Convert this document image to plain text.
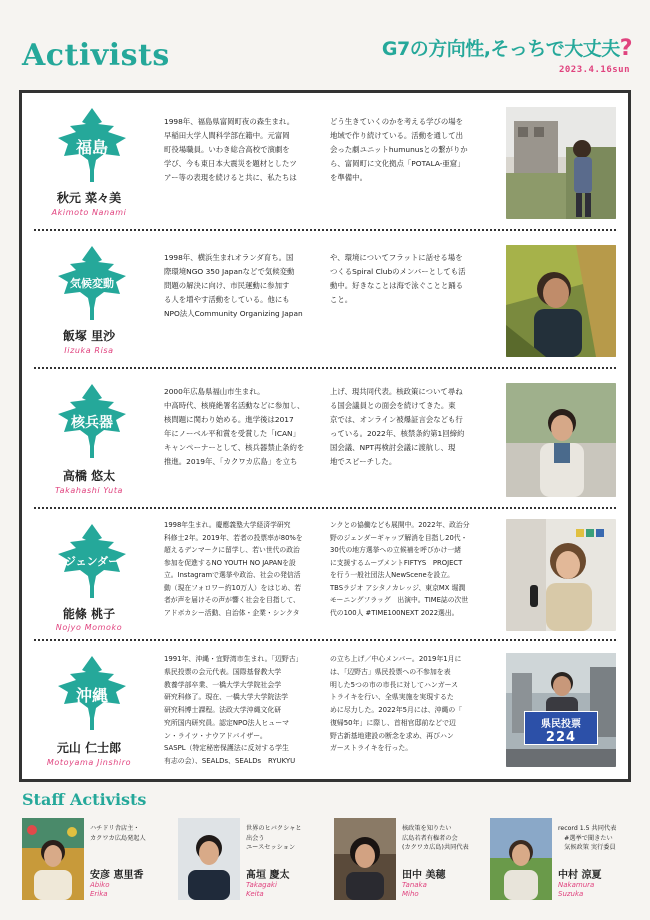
Activists	G7の方向性,そっちで大丈夫?
2023.4.16sun
福島
秋元 菜々美
Akimoto Nanami
1998年、福島県富岡町夜の森生まれ。
早稲田大学人間科学部在籍中。元富岡
町役場職員。いわき総合高校で演劇を
学び、今も東日本大震災を題材としたツ
アー等の表現を続けると共に、私たちは
どう生きていくのかを考える学びの場を
地域で作り続けている。活動を通して出
会った劇ユニットhumunusとの繋がりか
ら、富岡町に文化拠点「POTALA-亜窟」
を準備中。
気候変動
飯塚 里沙
Iizuka Risa
1998年、横浜生まれオランダ育ち。国
際環境NGO 350 Japanなどで気候変動
問題の解決に向け、市民運動に参加す
る人を増やす活動をしている。他にも
NPO法人Community Organizing Japan
や、環境についてフラットに話せる場を
つくるSpiral Clubのメンバーとしても活
動中。好きなことは海で泳ぐことと踊る
こと。
核兵器
高橋 悠太
Takahashi Yuta
2000年広島県福山市生まれ。
中高時代、核廃絶署名活動などに参加し、
核問題に関わり始める。進学後は2017
年にノーベル平和賞を受賞した「ICAN」
キャンペーナーとして、核兵器禁止条約を
推進。2019年、「カクワカ広島」を立ち
上げ、現共同代表。核政策について尋ね
る国会議員との面会を続けてきた。東
京では、オンライン被爆証言会なども行
っている。2022年、核禁条約第1回締約
国会議、NPT再検討会議に渡航し、現
地でスピーチした。
ジェンダー
能條 桃子
Nojyo Momoko
1998年生まれ。慶應義塾大学経済学研究
科修士2年。2019年、若者の投票率が80%を
超えるデンマークに留学し、若い世代の政治
参加を促進するNO YOUTH NO JAPANを設
立。Instagramで選挙や政治、社会の発信活
動（現在フォロワー約10万人）をはじめ、若
者が声を届けその声が響く社会を目指して、
アドボカシー活動、自治体・企業・シンクタ
ンクとの協働なども展開中。2022年、政治分
野のジェンダーギャップ解消を目指し20代・
30代の地方選挙への立候補を呼びかけ一緒
に支援するムーブメントFIFTYS　PROJECT
を行う一般社団法人NewSceneを設立。
TBSラジオ アシタノカレッジ、東京MX 堀潤
モーニングフラッグ　出演中。TIME誌の次世
代の100人 #TIME100NEXT 2022選出。
沖縄
元山 仁士郎
Motoyama Jinshiro
1991年、沖縄・宜野湾市生まれ。「辺野古」
県民投票の会元代表。国際基督教大学
教養学部卒業、一橋大学大学院社会学
研究科修了。現在、一橋大学大学院法学
研究科博士課程。法政大学沖縄文化研
究所国内研究員。認定NPO法人ヒューマ
ン・ライツ・ナウアドバイザー。
SASPL（特定秘密保護法に反対する学生
有志の会）、SEALDs、SEALDs　RYUKYU
の立ち上げ／中心メンバー。2019年1月に
は、「辺野古」県民投票への不参加を表
明した5つの市の市長に対してハンガース
トライキを行い、全県実施を実現するた
めに尽力した。2022年5月には、沖縄の「
復帰50年」に際し、首相官邸前などで辺
野古新基地建設の断念を求め、再びハン
ガーストライキを行った。
県民投票
224
Staff Activists
ハチドリ舎店主・
カクワカ広島発起人
安彦 恵里香
Abiko
Erika
世界のヒバクシャと
出会う
ユースセッション
髙垣 慶太
Takagaki
Keita
核政策を知りたい
広島若者有権者の会
(カクワカ広島)共同代表
田中 美穂
Tanaka
Miho
record 1.5 共同代表
　#選挙で聞きたい
　気候政策 実行委員
中村 涼夏
Nakamura
Suzuka
